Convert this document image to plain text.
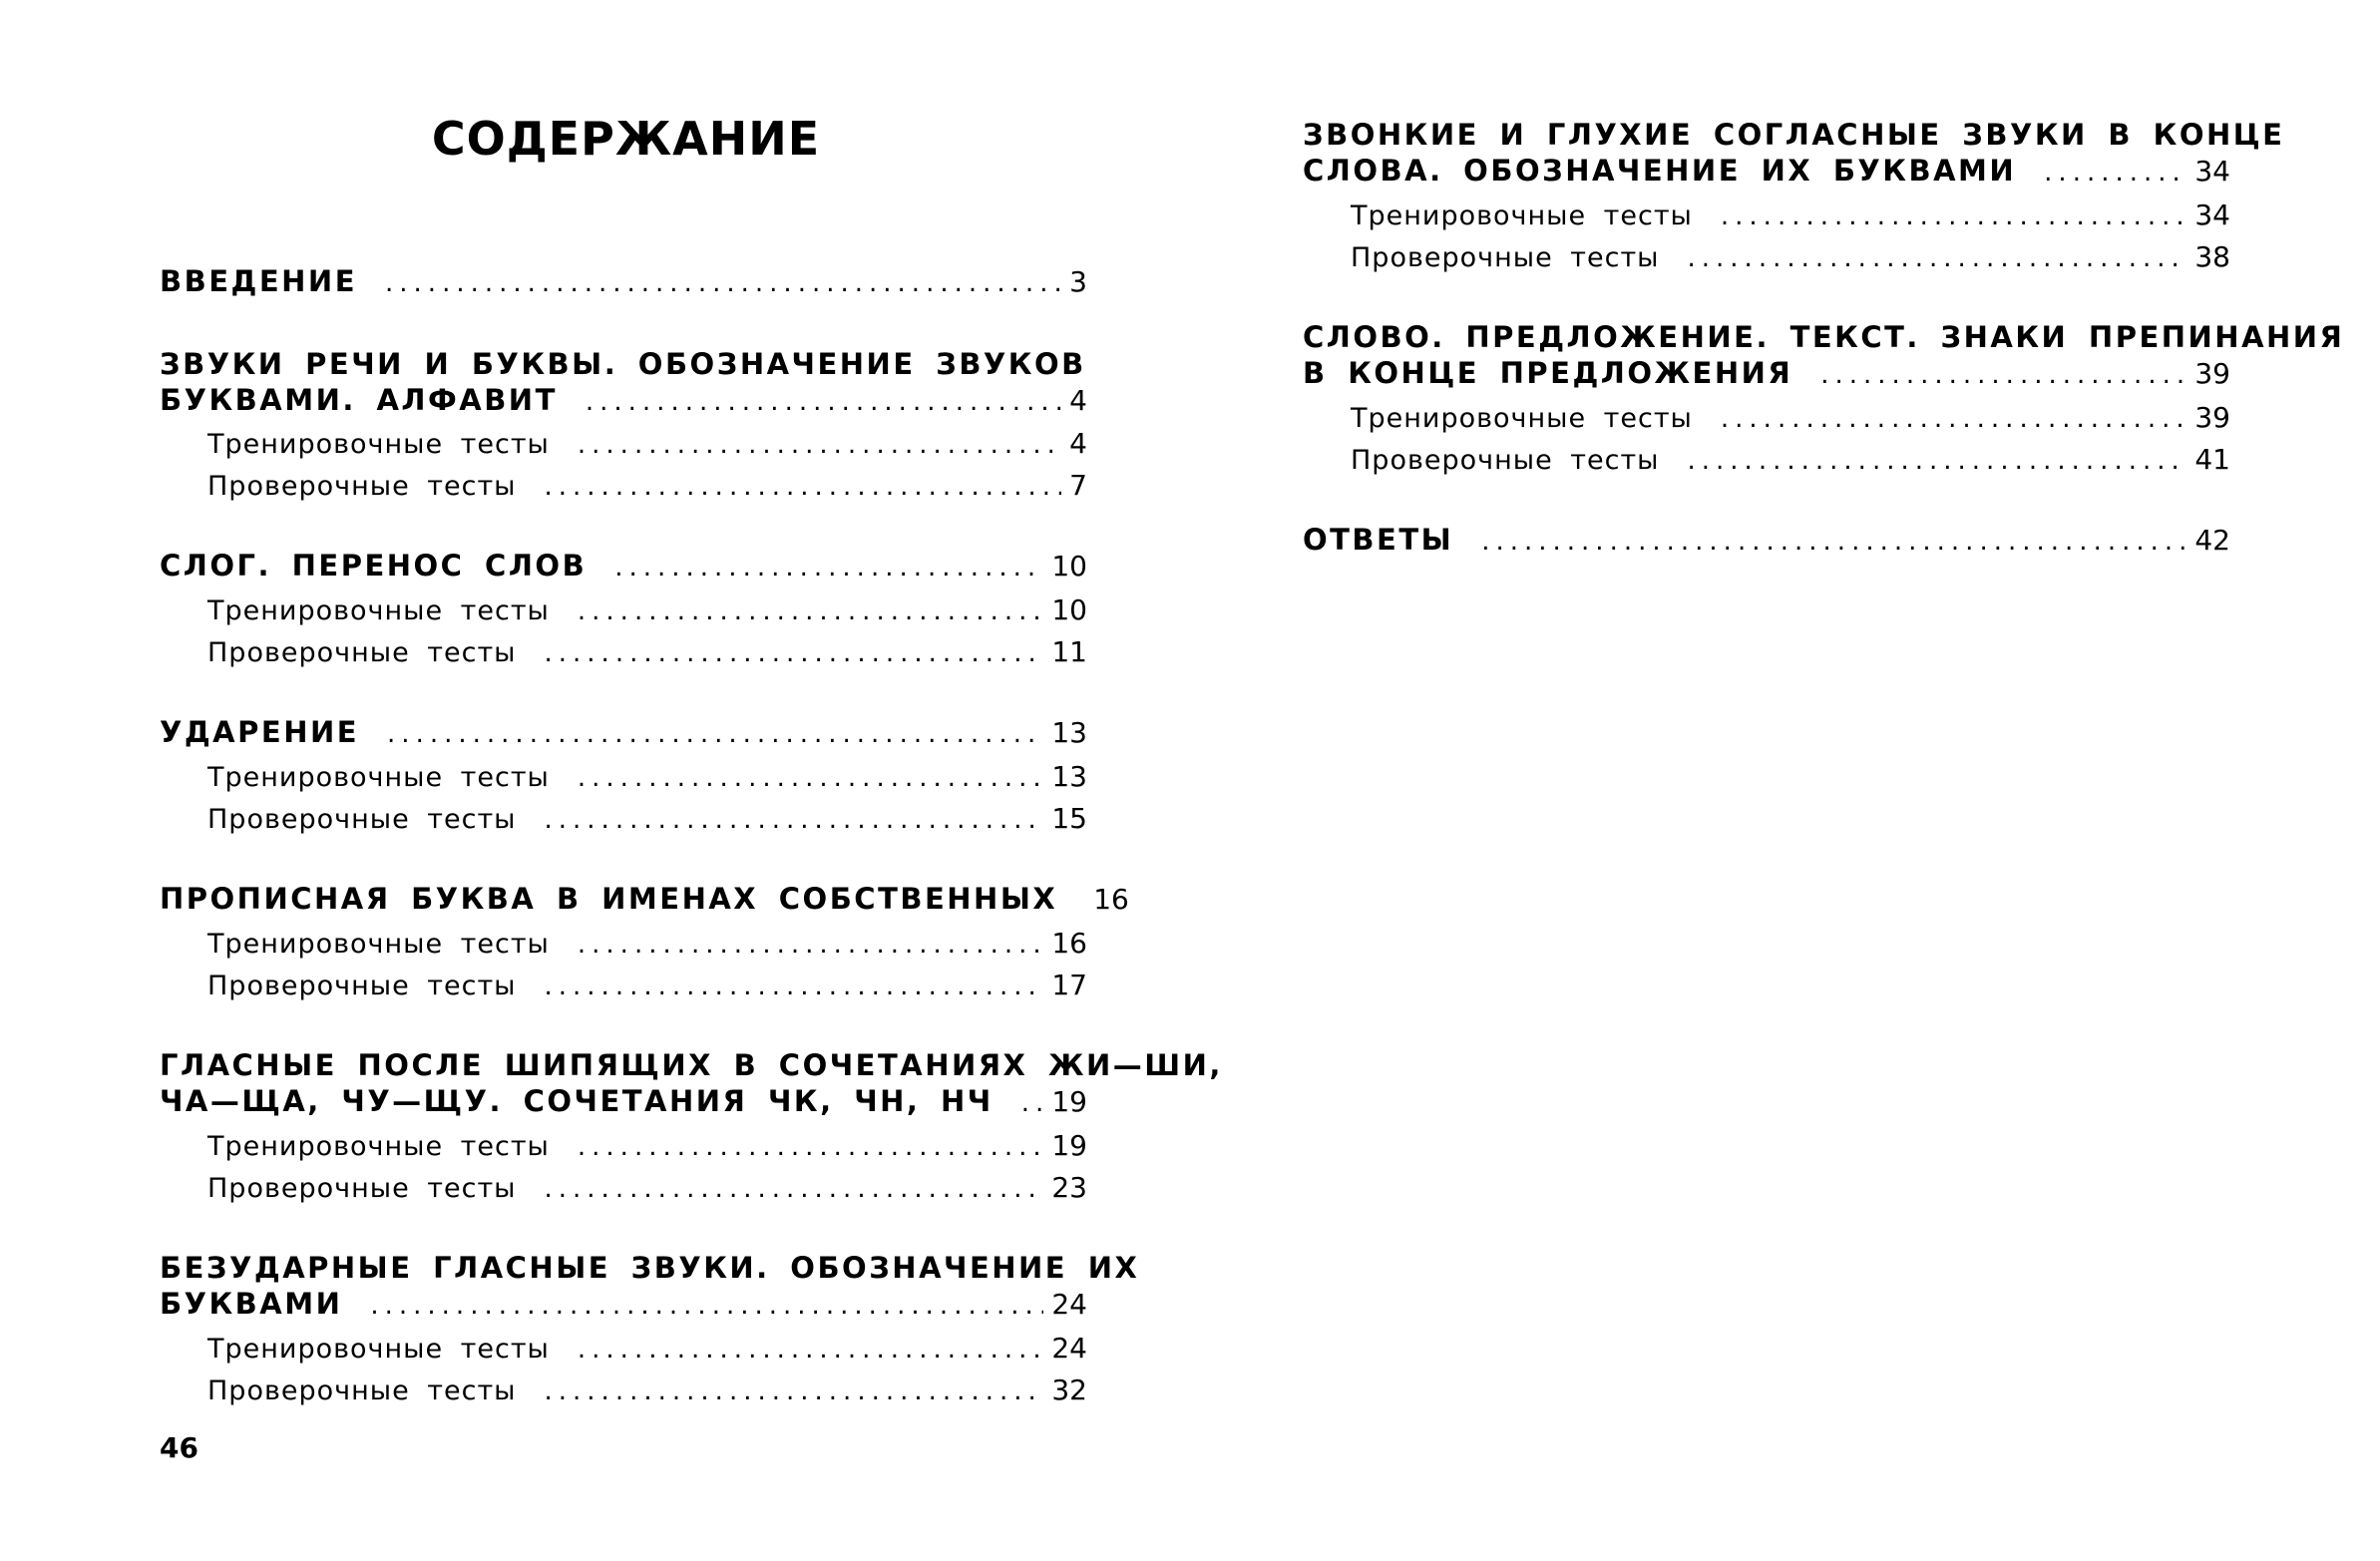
СОДЕРЖАНИЕ
ВВЕДЕНИЕ .....	3
ЗВУКИ РЕЧИ И БУКВЫ. ОБОЗНАЧЕНИЕ ЗВУКОВ
БУКВАМИ. АЛФАВИТ .....	4
Тренировочные тесты .....	4
Проверочные тесты .....	7
СЛОГ. ПЕРЕНОС СЛОВ .....	10
Тренировочные тесты .....	10
Проверочные тесты .....	11
УДАРЕНИЕ .....	13
Тренировочные тесты .....	13
Проверочные тесты .....	15
ПРОПИСНАЯ БУКВА В ИМЕНАХ СОБСТВЕННЫХ 16
Тренировочные тесты .....	16
Проверочные тесты .....	17
ГЛАСНЫЕ ПОСЛЕ ШИПЯЩИХ В СОЧЕТАНИЯХ ЖИ—ШИ,
ЧА—ЩА, ЧУ—ЩУ. СОЧЕТАНИЯ ЧК, ЧН, НЧ ..... 19
Тренировочные тесты .....	19
Проверочные тесты .....	23
БЕЗУДАРНЫЕ ГЛАСНЫЕ ЗВУКИ. ОБОЗНАЧЕНИЕ ИХ
БУКВАМИ .....	24
Тренировочные тесты .....	24
Проверочные тесты .....	32
ЗВОНКИЕ И ГЛУХИЕ СОГЛАСНЫЕ ЗВУКИ В КОНЦЕ
СЛОВА. ОБОЗНАЧЕНИЕ ИХ БУКВАМИ .....	34
Тренировочные тесты .....	34
Проверочные тесты .....	38
СЛОВО. ПРЕДЛОЖЕНИЕ. ТЕКСТ. ЗНАКИ ПРЕПИНАНИЯ
В КОНЦЕ ПРЕДЛОЖЕНИЯ .....	39
Тренировочные тесты .....	39
Проверочные тесты .....	41
ОТВЕТЫ .....	42

46
